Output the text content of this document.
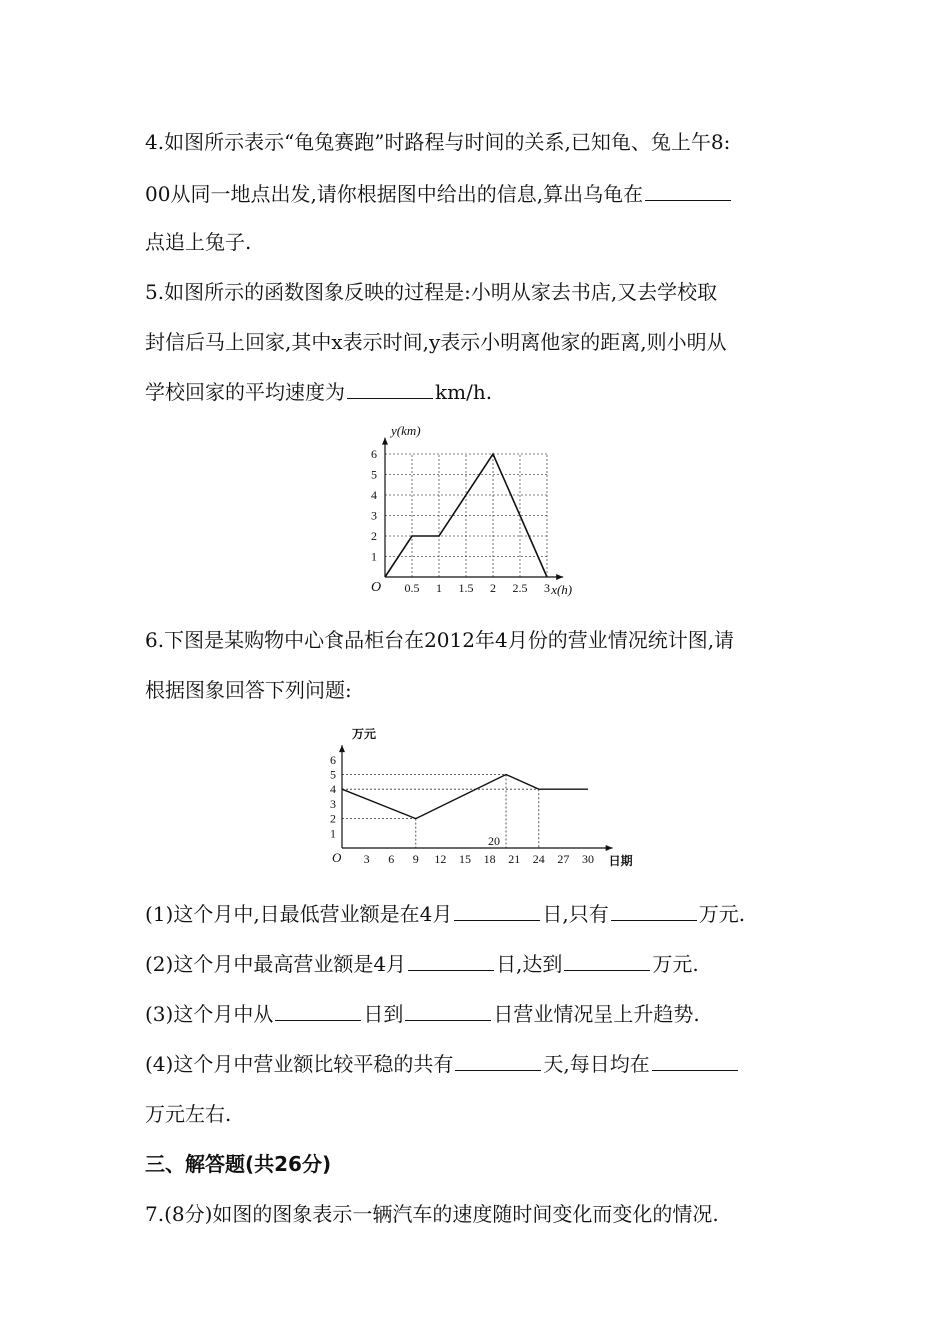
4.如图所示表示“龟兔赛跑”时路程与时间的关系,已知龟、兔上午8:
00从同一地点出发,请你根据图中给出的信息,算出乌龟在
点追上兔子.
5.如图所示的函数图象反映的过程是:小明从家去书店,又去学校取
封信后马上回家,其中x表示时间,y表示小明离他家的距离,则小明从
学校回家的平均速度为	km/h.
0.5 1 1.5 2 2.5 3
1
2
3
4
5
6
y(km)
x(h)
O
6.下图是某购物中心食品柜台在2012年4月份的营业情况统计图,请
根据图象回答下列问题:
3 6 9 12 15 18 21 24 27 30
1
2
3
4
5
6
万元
日期
O
20
(1)这个月中,日最低营业额是在4月	日,只有	万元.
(2)这个月中最高营业额是4月	日,达到	万元.
(3)这个月中从	日到	日营业情况呈上升趋势.
(4)这个月中营业额比较平稳的共有	天,每日均在
万元左右.
三、解答题(共26分)
7.(8分)如图的图象表示一辆汽车的速度随时间变化而变化的情况.
